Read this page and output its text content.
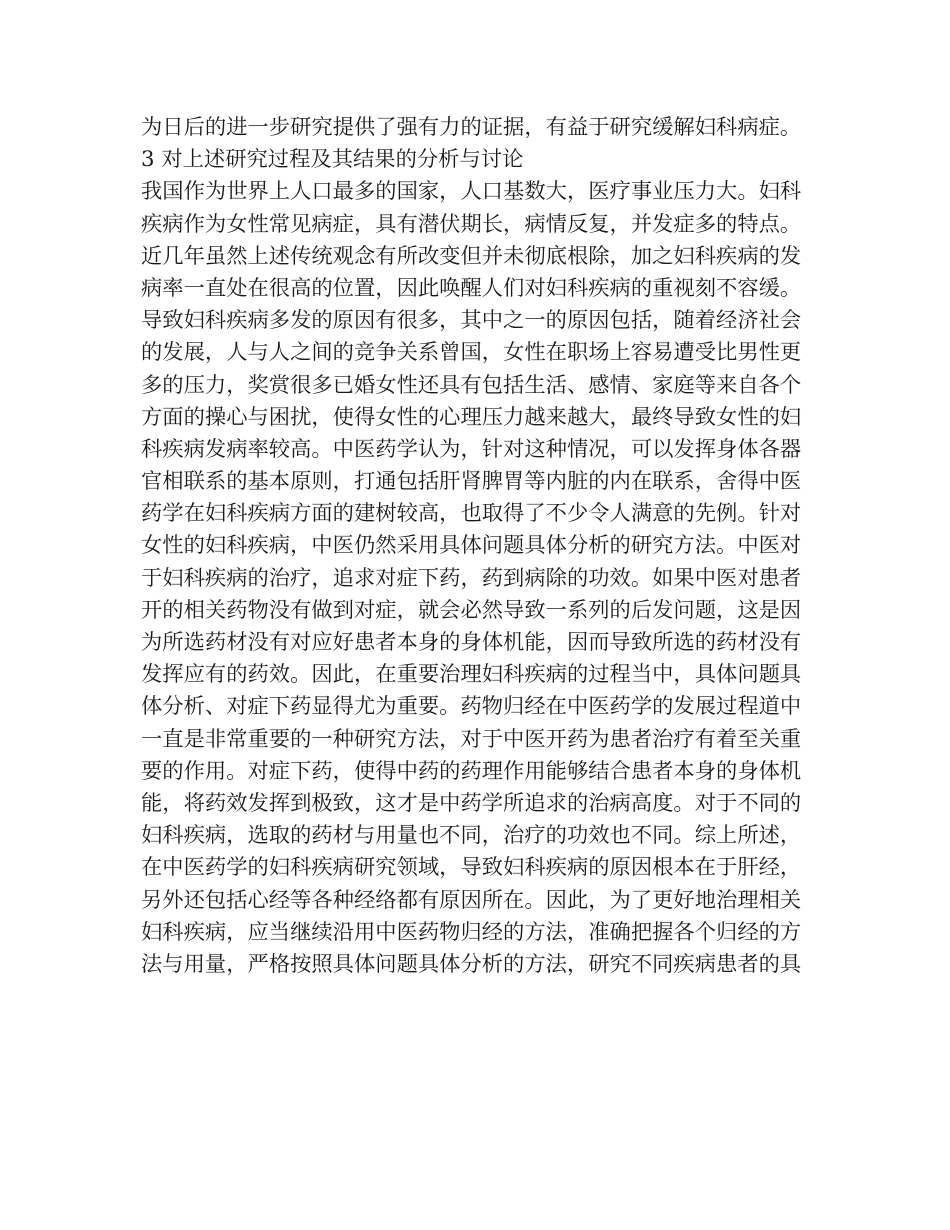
为日后的进一步研究提供了强有力的证据，有益于研究缓解妇科病症。
3 对上述研究过程及其结果的分析与讨论
我国作为世界上人口最多的国家，人口基数大，医疗事业压力大。妇科
疾病作为女性常见病症，具有潜伏期长，病情反复，并发症多的特点。
近几年虽然上述传统观念有所改变但并未彻底根除，加之妇科疾病的发
病率一直处在很高的位置，因此唤醒人们对妇科疾病的重视刻不容缓。
导致妇科疾病多发的原因有很多，其中之一的原因包括，随着经济社会
的发展，人与人之间的竞争关系曾国，女性在职场上容易遭受比男性更
多的压力，奖赏很多已婚女性还具有包括生活、感情、家庭等来自各个
方面的操心与困扰，使得女性的心理压力越来越大，最终导致女性的妇
科疾病发病率较高。中医药学认为，针对这种情况，可以发挥身体各器
官相联系的基本原则，打通包括肝肾脾胃等内脏的内在联系，舍得中医
药学在妇科疾病方面的建树较高，也取得了不少令人满意的先例。针对
女性的妇科疾病，中医仍然采用具体问题具体分析的研究方法。中医对
于妇科疾病的治疗，追求对症下药，药到病除的功效。如果中医对患者
开的相关药物没有做到对症，就会必然导致一系列的后发问题，这是因
为所选药材没有对应好患者本身的身体机能，因而导致所选的药材没有
发挥应有的药效。因此，在重要治理妇科疾病的过程当中，具体问题具
体分析、对症下药显得尤为重要。药物归经在中医药学的发展过程道中
一直是非常重要的一种研究方法，对于中医开药为患者治疗有着至关重
要的作用。对症下药，使得中药的药理作用能够结合患者本身的身体机
能，将药效发挥到极致，这才是中药学所追求的治病高度。对于不同的
妇科疾病，选取的药材与用量也不同，治疗的功效也不同。综上所述，
在中医药学的妇科疾病研究领域，导致妇科疾病的原因根本在于肝经，
另外还包括心经等各种经络都有原因所在。因此，为了更好地治理相关
妇科疾病，应当继续沿用中医药物归经的方法，准确把握各个归经的方
法与用量，严格按照具体问题具体分析的方法，研究不同疾病患者的具
